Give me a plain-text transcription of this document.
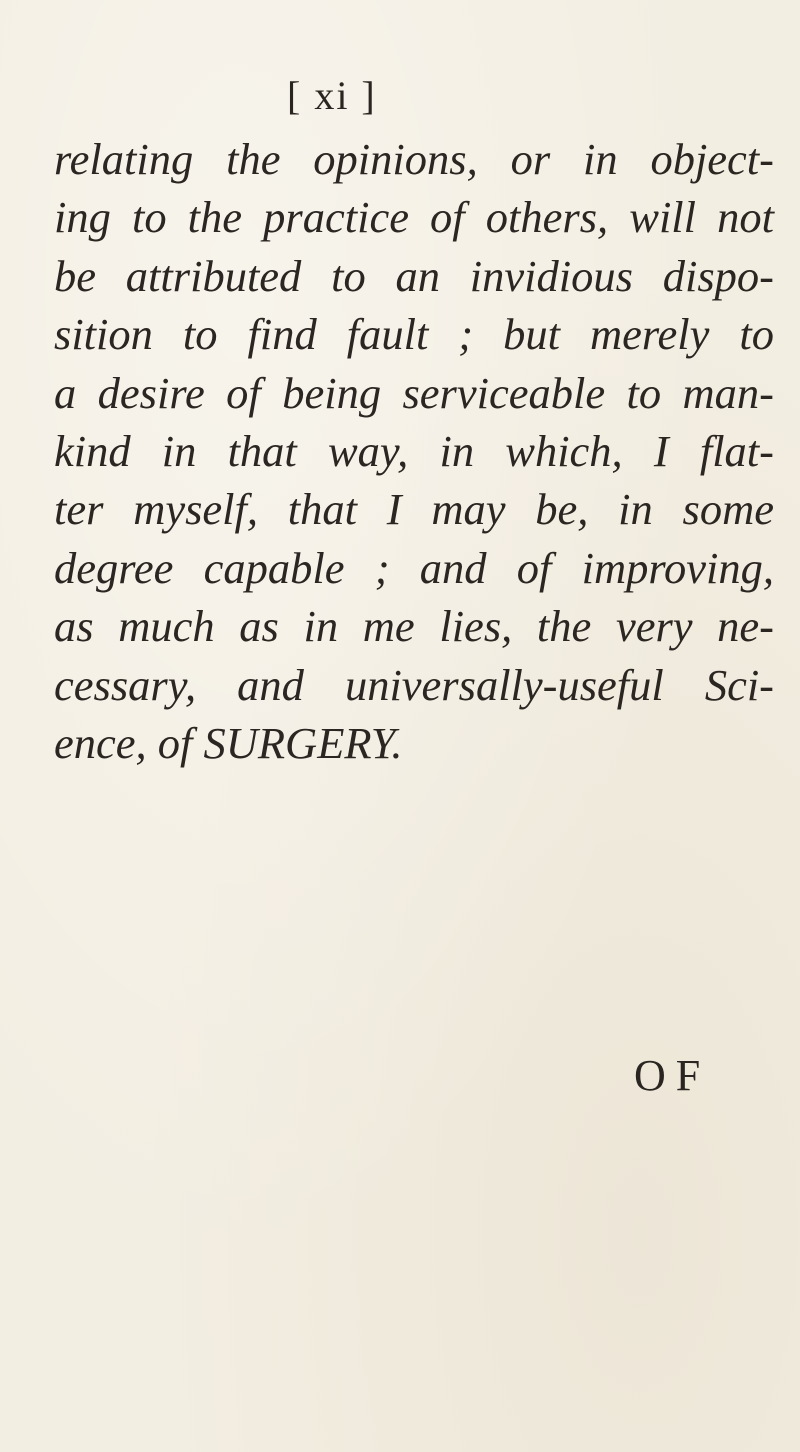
[ xi ]
relating the opinions, or in object-
ing to the practice of others, will not
be attributed to an invidious dispo-
sition to find fault ; but merely to
a desire of being serviceable to man-
kind in that way, in which, I flat-
ter myself, that I may be, in some
degree capable ; and of improving,
as much as in me lies, the very ne-
cessary, and universally-useful Sci-
ence, of SURGERY.
OF
